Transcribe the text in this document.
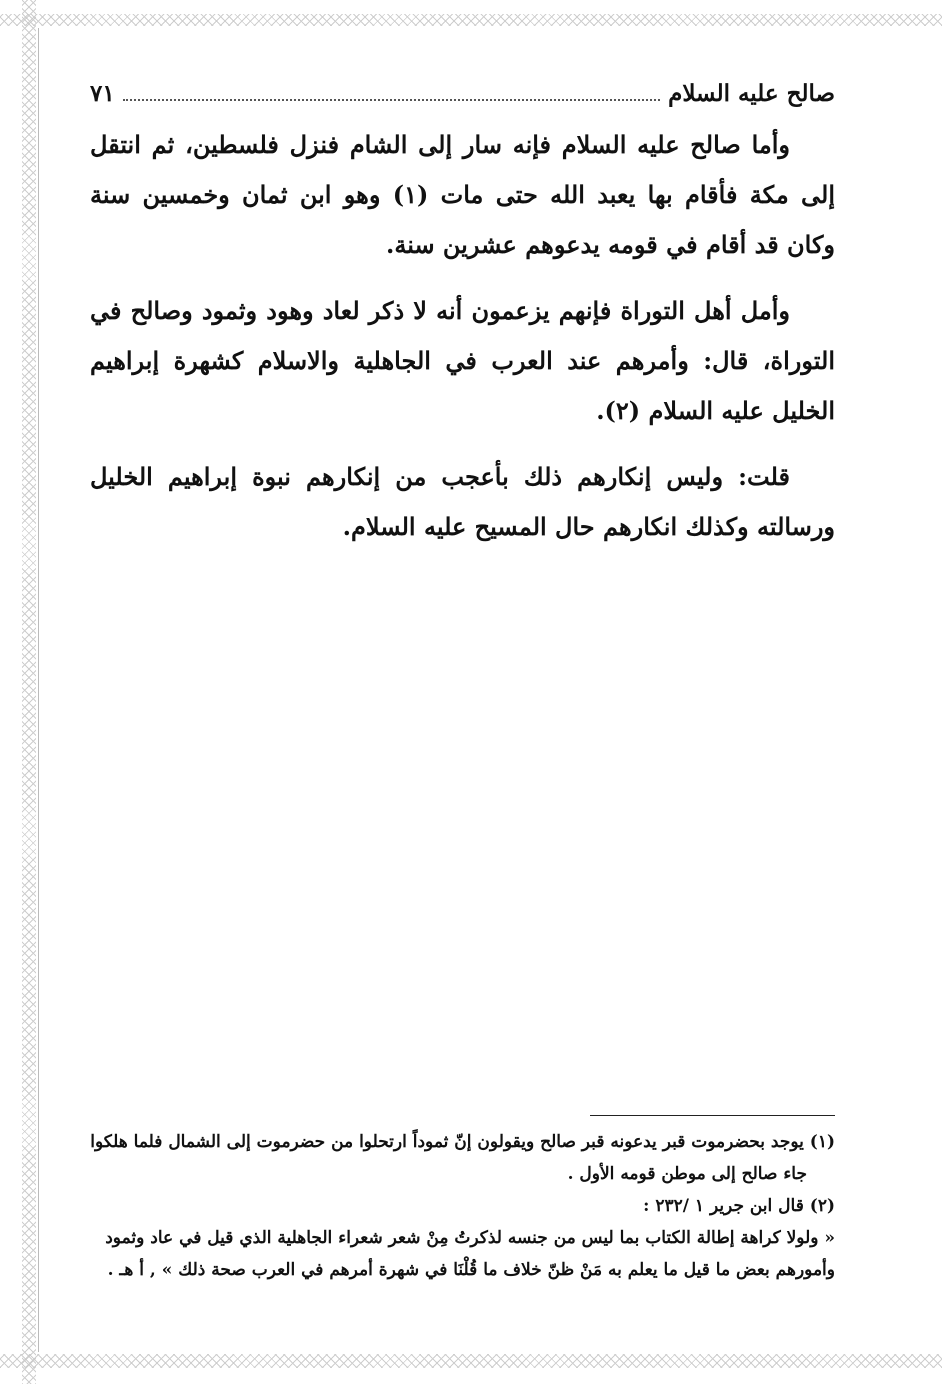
صالح عليه السلام
٧١

وأما صالح عليه السلام فإنه سار إلى الشام فنزل فلسطين، ثم انتقل إلى مكة فأقام بها يعبد الله حتى مات (١) وهو ابن ثمان وخمسين سنة وكان قد أقام في قومه يدعوهم عشرين سنة.

وأمل أهل التوراة فإنهم يزعمون أنه لا ذكر لعاد وهود وثمود وصالح في التوراة، قال: وأمرهم عند العرب في الجاهلية والاسلام كشهرة إبراهيم الخليل عليه السلام (٢).

قلت: وليس إنكارهم ذلك بأعجب من إنكارهم نبوة إبراهيم الخليل ورسالته وكذلك انكارهم حال المسيح عليه السلام.

(١) يوجد بحضرموت قبر يدعونه قبر صالح ويقولون إنّ ثموداً ارتحلوا من حضرموت إلى الشمال فلما هلكوا

جاء صالح إلى موطن قومه الأول .

(٢) قال ابن جرير ١ /٢٣٢ :

« ولولا كراهة إطالة الكتاب بما ليس من جنسه لذكرتُ مِنْ شعر شعراء الجاهلية الذي قيل في عاد وثمود

وأمورهم بعض ما قيل ما يعلم به مَنْ ظنّ خلاف ما قُلْنَا في شهرة أمرهم في العرب صحة ذلك » , أ هـ .
